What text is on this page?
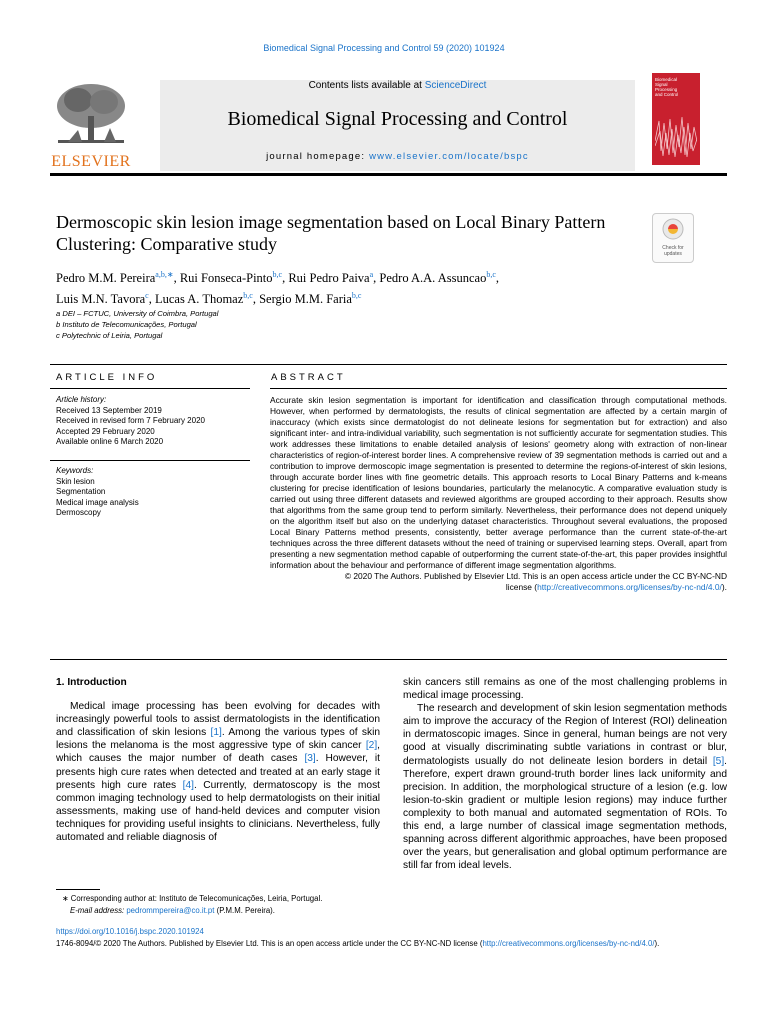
Biomedical Signal Processing and Control 59 (2020) 101924
ELSEVIER
Contents lists available at ScienceDirect
Biomedical Signal Processing and Control
journal homepage: www.elsevier.com/locate/bspc
Biomedical Signal Processing and Control
Dermoscopic skin lesion image segmentation based on Local Binary Pattern Clustering: Comparative study	Check for updates
Pedro M.M. Pereira$^{a,b,∗}$, Rui Fonseca-Pinto$^{b,c}$, Rui Pedro Paiva$^a$, Pedro A.A. Assuncao$^{b,c}$,
Luis M.N. Tavora$^c$, Lucas A. Thomaz$^{b,c}$, Sergio M.M. Faria$^{b,c}$
a DEI – FCTUC, University of Coimbra, Portugal
b Instituto de Telecomunicações, Portugal
c Polytechnic of Leiria, Portugal
ARTICLE INFO	ABSTRACT
Article history:
Received 13 September 2019
Received in revised form 7 February 2020
Accepted 29 February 2020
Available online 6 March 2020
Keywords:
Skin lesion
Segmentation
Medical image analysis
Dermoscopy
Accurate skin lesion segmentation is important for identification and classification through computational methods. However, when performed by dermatologists, the results of clinical segmentation are affected by a certain margin of inaccuracy (which exists since dermatologist do not delineate lesions for segmentation but for extraction) and also significant inter- and intra-individual variability, such segmentation is not sufficiently accurate for segmentation studies. This work addresses these limitations to enable detailed analysis of lesions' geometry along with extraction of non-linear characteristics of region-of-interest border lines. A comprehensive review of 39 segmentation methods is carried out and a contribution to improve dermoscopic image segmentation is presented to determine the regions-of-interest of skin lesions, through accurate border lines with fine geometric details. This approach resorts to Local Binary Patterns and k-means clustering for precise identification of lesions boundaries, particularly the melanocytic. A comparative evaluation study is carried out using three different datasets and reviewed algorithms are grouped according to their approach. Results show that algorithms from the same group tend to perform similarly. Nevertheless, their performance does not depend uniquely on the algorithm itself but also on the underlying dataset characteristics. Throughout several evaluations, the proposed Local Binary Patterns method presents, consistently, better average performance than the current state-of-the-art techniques across the three different datasets without the need of training or supervised learning steps. Overall, apart from presenting a new segmentation method capable of outperforming the current state-of-the-art, this paper provides insightful information about the behaviour and performance of different image segmentation algorithms.
© 2020 The Authors. Published by Elsevier Ltd. This is an open access article under the CC BY-NC-ND
license (http://creativecommons.org/licenses/by-nc-nd/4.0/).
1. Introduction

Medical image processing has been evolving for decades with increasingly powerful tools to assist dermatologists in the identification and classification of skin lesions [1]. Among the various types of skin lesions the melanoma is the most aggressive type of skin cancer [2], which causes the major number of death cases [3]. However, it presents high cure rates when detected and treated at an early stage it presents high cure rates [4]. Currently, dermatoscopy is the most common imaging technology used to help dermatologists on their initial assessments, making use of hand-held devices and computer vision techniques for providing useful insights to clinicians. Nevertheless, fully automated and reliable diagnosis of

skin cancers still remains as one of the most challenging problems in medical image processing.

The research and development of skin lesion segmentation methods aim to improve the accuracy of the Region of Interest (ROI) delineation in dermatoscopic images. Since in general, human beings are not very good at visually discriminating subtle variations in contrast or blur, dermatologists usually do not delineate lesion borders in detail [5]. Therefore, expert drawn ground-truth border lines lack uniformity and precision. In addition, the morphological structure of a lesion (e.g. low lesion-to-skin gradient or multiple lesion regions) may induce further complexity to both manual and automated segmentation of ROIs. To this end, a large number of classical image segmentation methods, spanning across different algorithmic approaches, have been proposed over the years, but generalisation and global optimum performance are still far from ideal levels.

∗ Corresponding author at: Instituto de Telecomunicações, Leiria, Portugal.
E-mail address: pedrommpereira@co.it.pt (P.M.M. Pereira).
https://doi.org/10.1016/j.bspc.2020.101924
1746-8094/© 2020 The Authors. Published by Elsevier Ltd. This is an open access article under the CC BY-NC-ND license (http://creativecommons.org/licenses/by-nc-nd/4.0/).
